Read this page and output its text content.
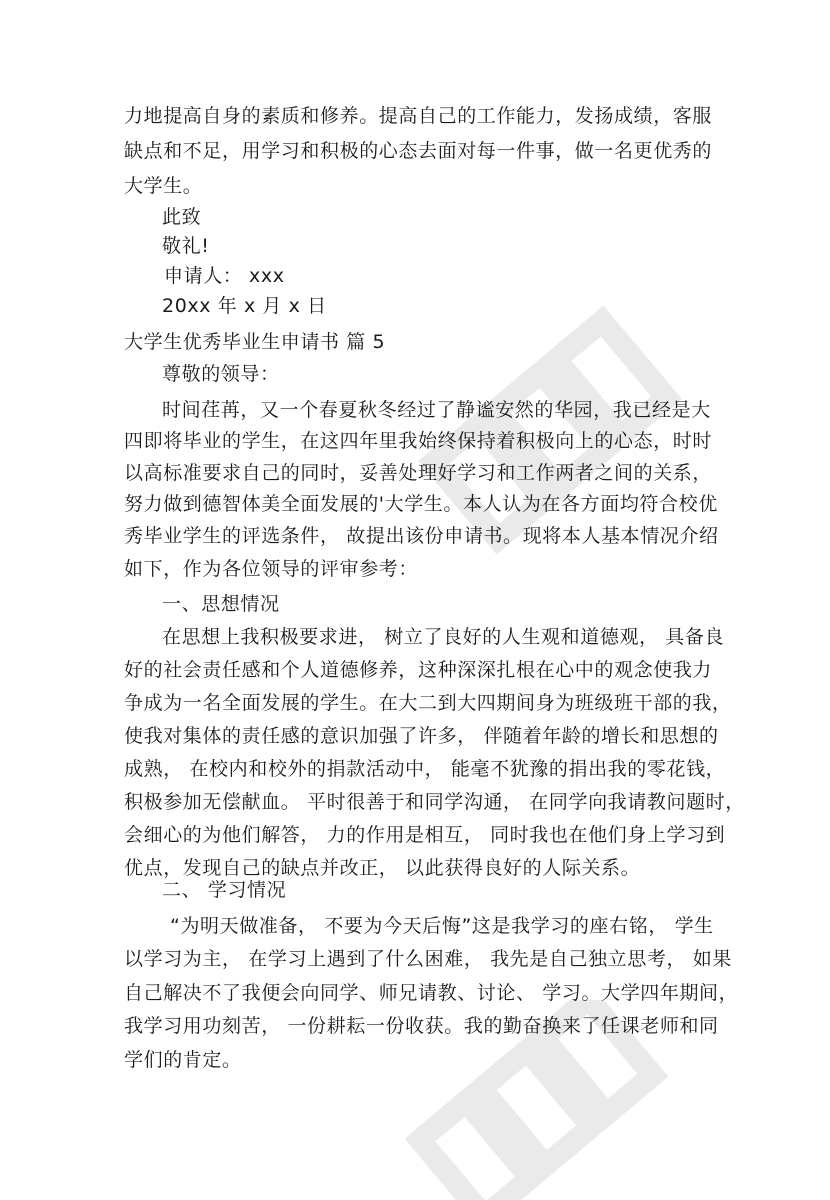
力地提高自身的素质和修养。提高自己的工作能力，发扬成绩，客服
缺点和不足，用学习和积极的心态去面对每一件事，做一名更优秀的
大学生。
此致
敬礼!
申请人： xxx
20xx 年 x 月 x 日
大学生优秀毕业生申请书 篇 5
尊敬的领导：
时间荏苒，又一个春夏秋冬经过了静谧安然的华园，我已经是大
四即将毕业的学生，在这四年里我始终保持着积极向上的心态，时时
以高标准要求自己的同时，妥善处理好学习和工作两者之间的关系，
努力做到德智体美全面发展的'大学生。本人认为在各方面均符合校优
秀毕业学生的评选条件， 故提出该份申请书。现将本人基本情况介绍
如下，作为各位领导的评审参考：
一、思想情况
在思想上我积极要求进， 树立了良好的人生观和道德观， 具备良
好的社会责任感和个人道德修养，这种深深扎根在心中的观念使我力
争成为一名全面发展的学生。在大二到大四期间身为班级班干部的我，
使我对集体的责任感的意识加强了许多， 伴随着年龄的增长和思想的
成熟， 在校内和校外的捐款活动中， 能毫不犹豫的捐出我的零花钱，
积极参加无偿献血。 平时很善于和同学沟通， 在同学向我请教问题时，
会细心的为他们解答， 力的作用是相互， 同时我也在他们身上学习到
优点，发现自己的缺点并改正， 以此获得良好的人际关系。
二、 学习情况
“为明天做准备， 不要为今天后悔”这是我学习的座右铭， 学生
以学习为主， 在学习上遇到了什么困难， 我先是自己独立思考， 如果
自己解决不了我便会向同学、师兄请教、讨论、 学习。大学四年期间，
我学习用功刻苦， 一份耕耘一份收获。我的勤奋换来了任课老师和同
学们的肯定。
